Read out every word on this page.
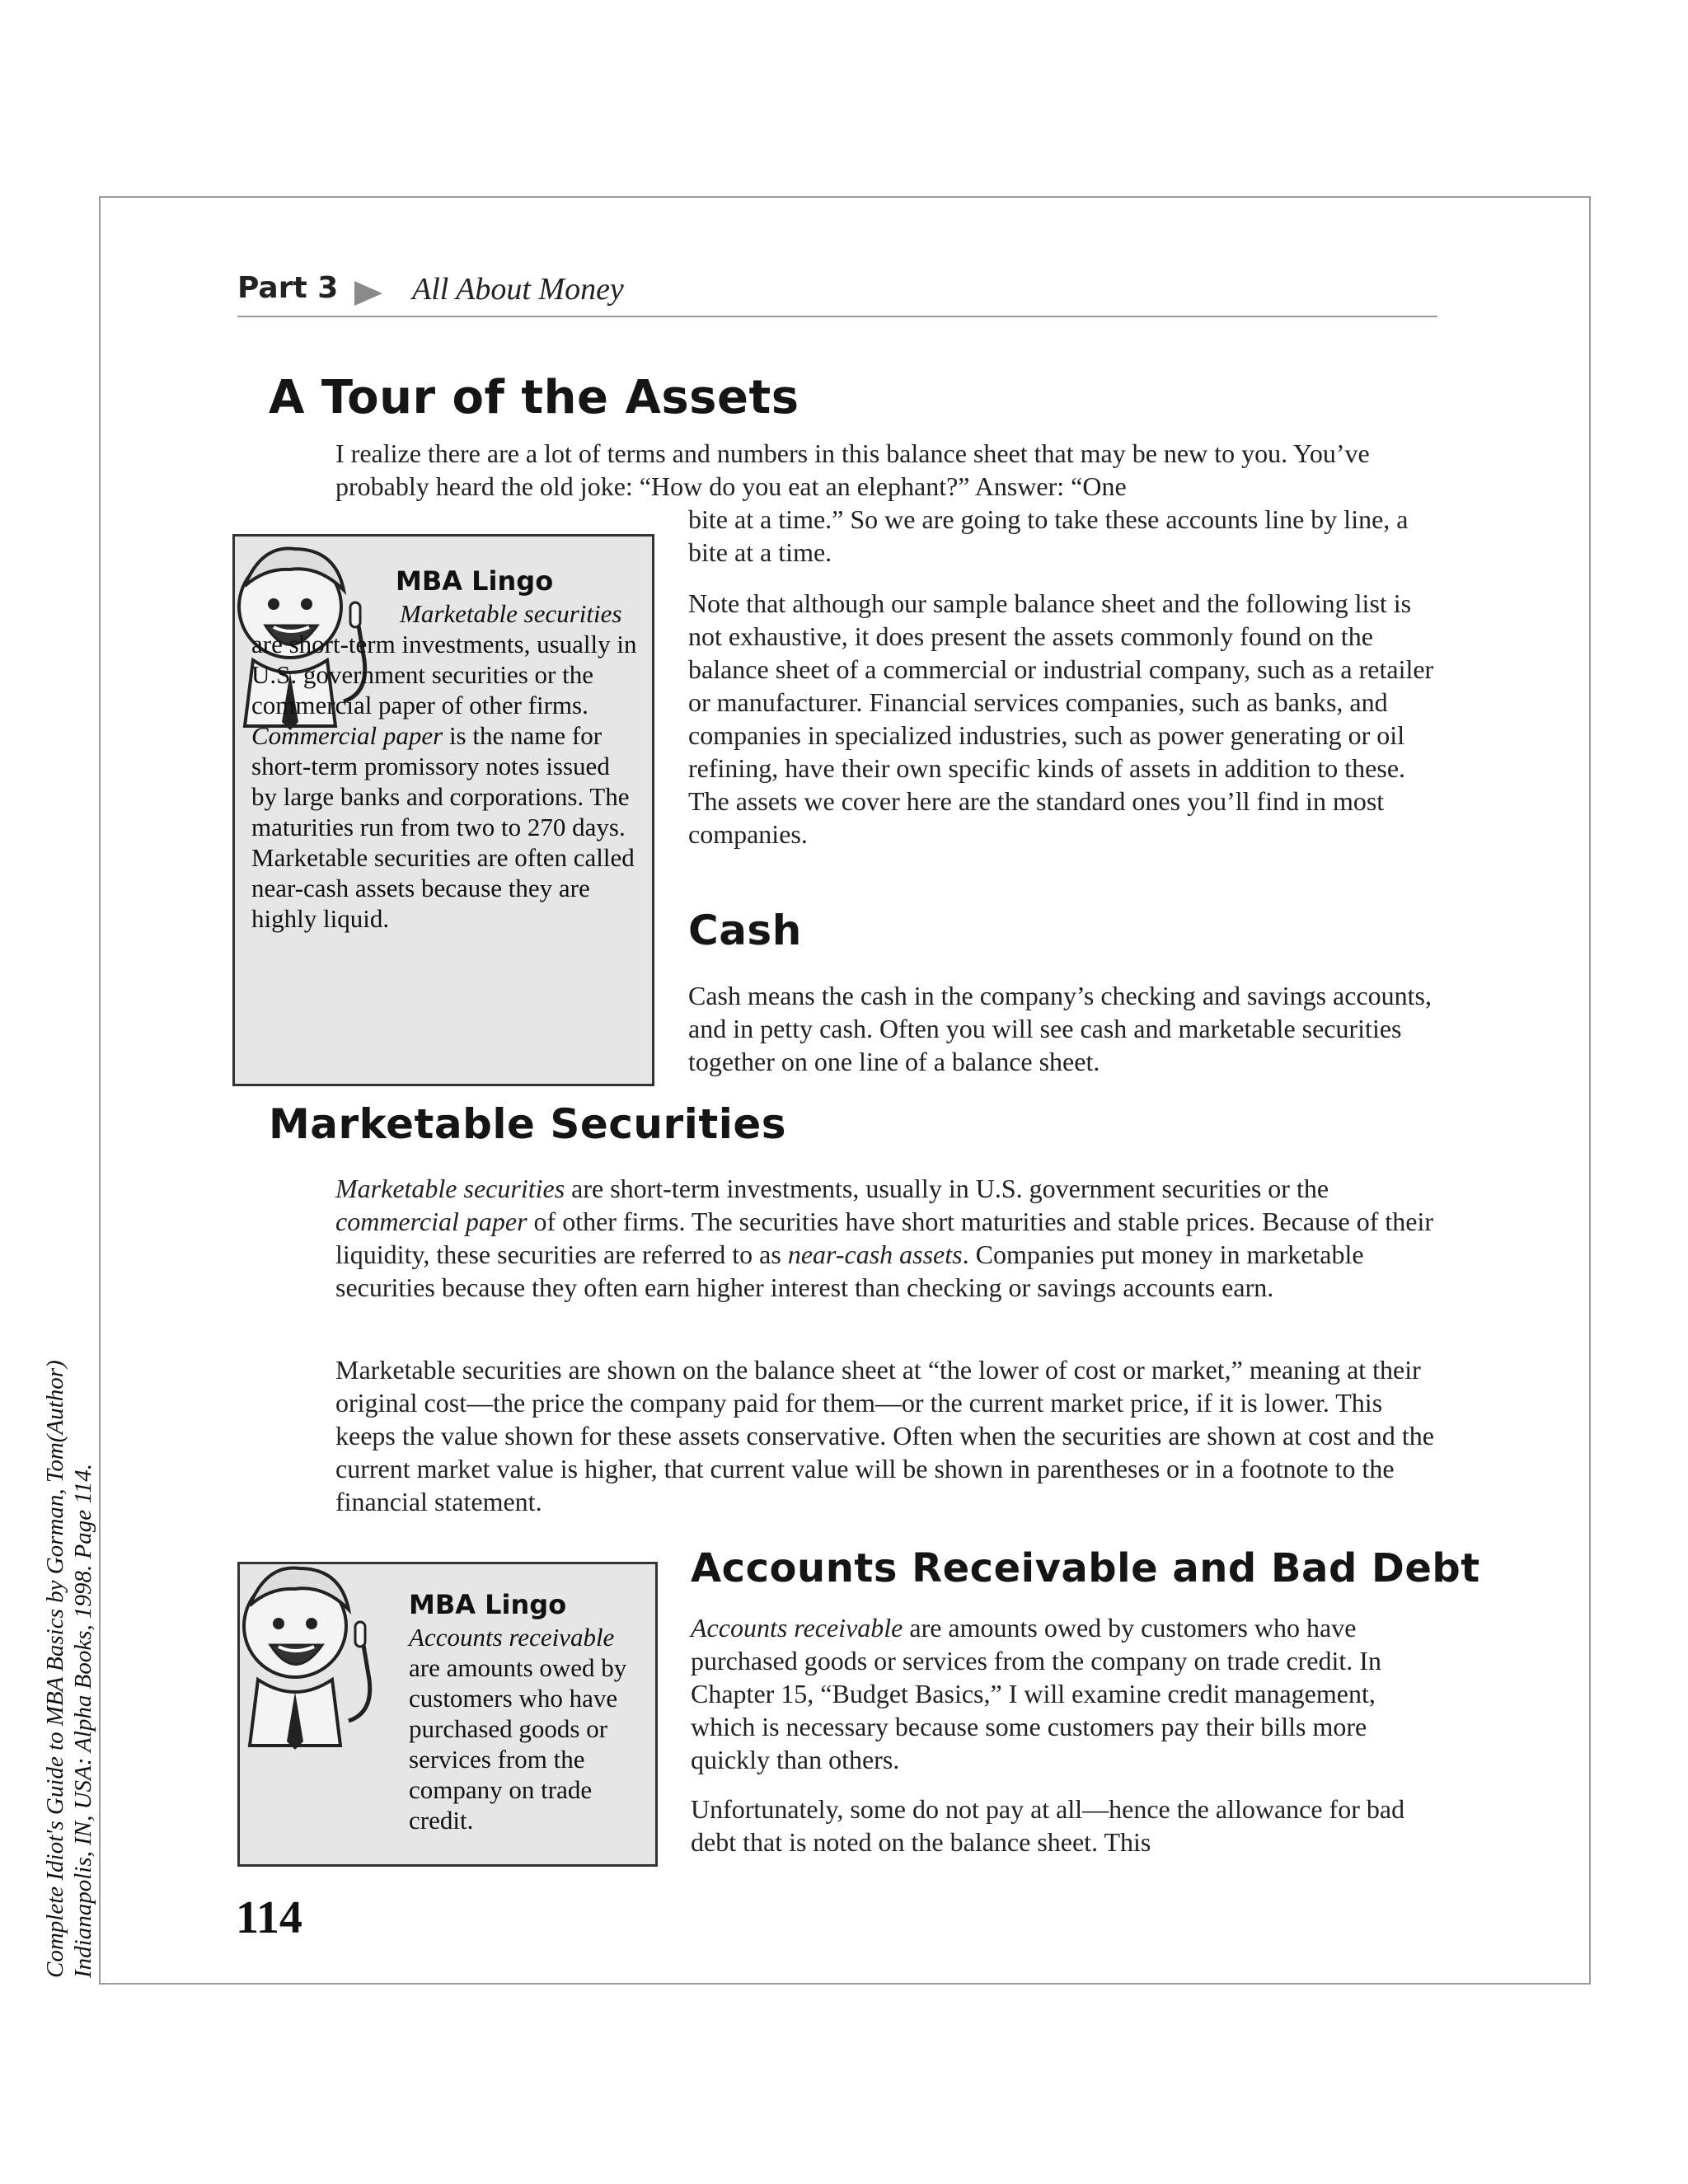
Part 3 All About Money
A Tour of the Assets

I realize there are a lot of terms and numbers in this balance sheet that may be new to you. You’ve probably heard the old joke: “How do you eat an elephant?” Answer: “One

bite at a time.” So we are going to take these accounts line by line, a bite at a time.

Note that although our sample balance sheet and the following list is not exhaustive, it does present the assets commonly found on the balance sheet of a commercial or industrial company, such as a retailer or manufacturer. Financial services companies, such as banks, and companies in specialized industries, such as power generating or oil refining, have their own specific kinds of assets in addition to these. The assets we cover here are the standard ones you’ll find in most companies.

MBA Lingo

Marketable securities are short-term investments, usually in U.S. government securities or the commercial paper of other firms. Commercial paper is the name for short-term promissory notes issued by large banks and corporations. The maturities run from two to 270 days. Marketable securities are often called near-cash assets because they are highly liquid.	Cash

Cash means the cash in the company’s checking and savings accounts, and in petty cash. Often you will see cash and marketable securities together on one line of a balance sheet.

Marketable Securities

Marketable securities are short-term investments, usually in U.S. government securities or the commercial paper of other firms. The securities have short maturities and stable prices. Because of their liquidity, these securities are referred to as near-cash assets. Companies put money in marketable securities because they often earn higher interest than checking or savings accounts earn.

Marketable securities are shown on the balance sheet at “the lower of cost or market,” meaning at their original cost—the price the company paid for them—or the current market price, if it is lower. This keeps the value shown for these assets conservative. Often when the securities are shown at cost and the current market value is higher, that current value will be shown in parentheses or in a footnote to the financial statement.

MBA Lingo

Accounts receivable are amounts owed by customers who have purchased goods or services from the company on trade credit.

Accounts Receivable and Bad Debt

Accounts receivable are amounts owed by customers who have purchased goods or services from the company on trade credit. In Chapter 15, “Budget Basics,” I will examine credit management, which is necessary because some customers pay their bills more quickly than others.

Unfortunately, some do not pay at all—hence the allowance for bad debt that is noted on the balance sheet. This

114
Complete Idiot's Guide to MBA Basics by Gorman, Tom(Author) Indianapolis, IN, USA: Alpha Books, 1998. Page 114.
